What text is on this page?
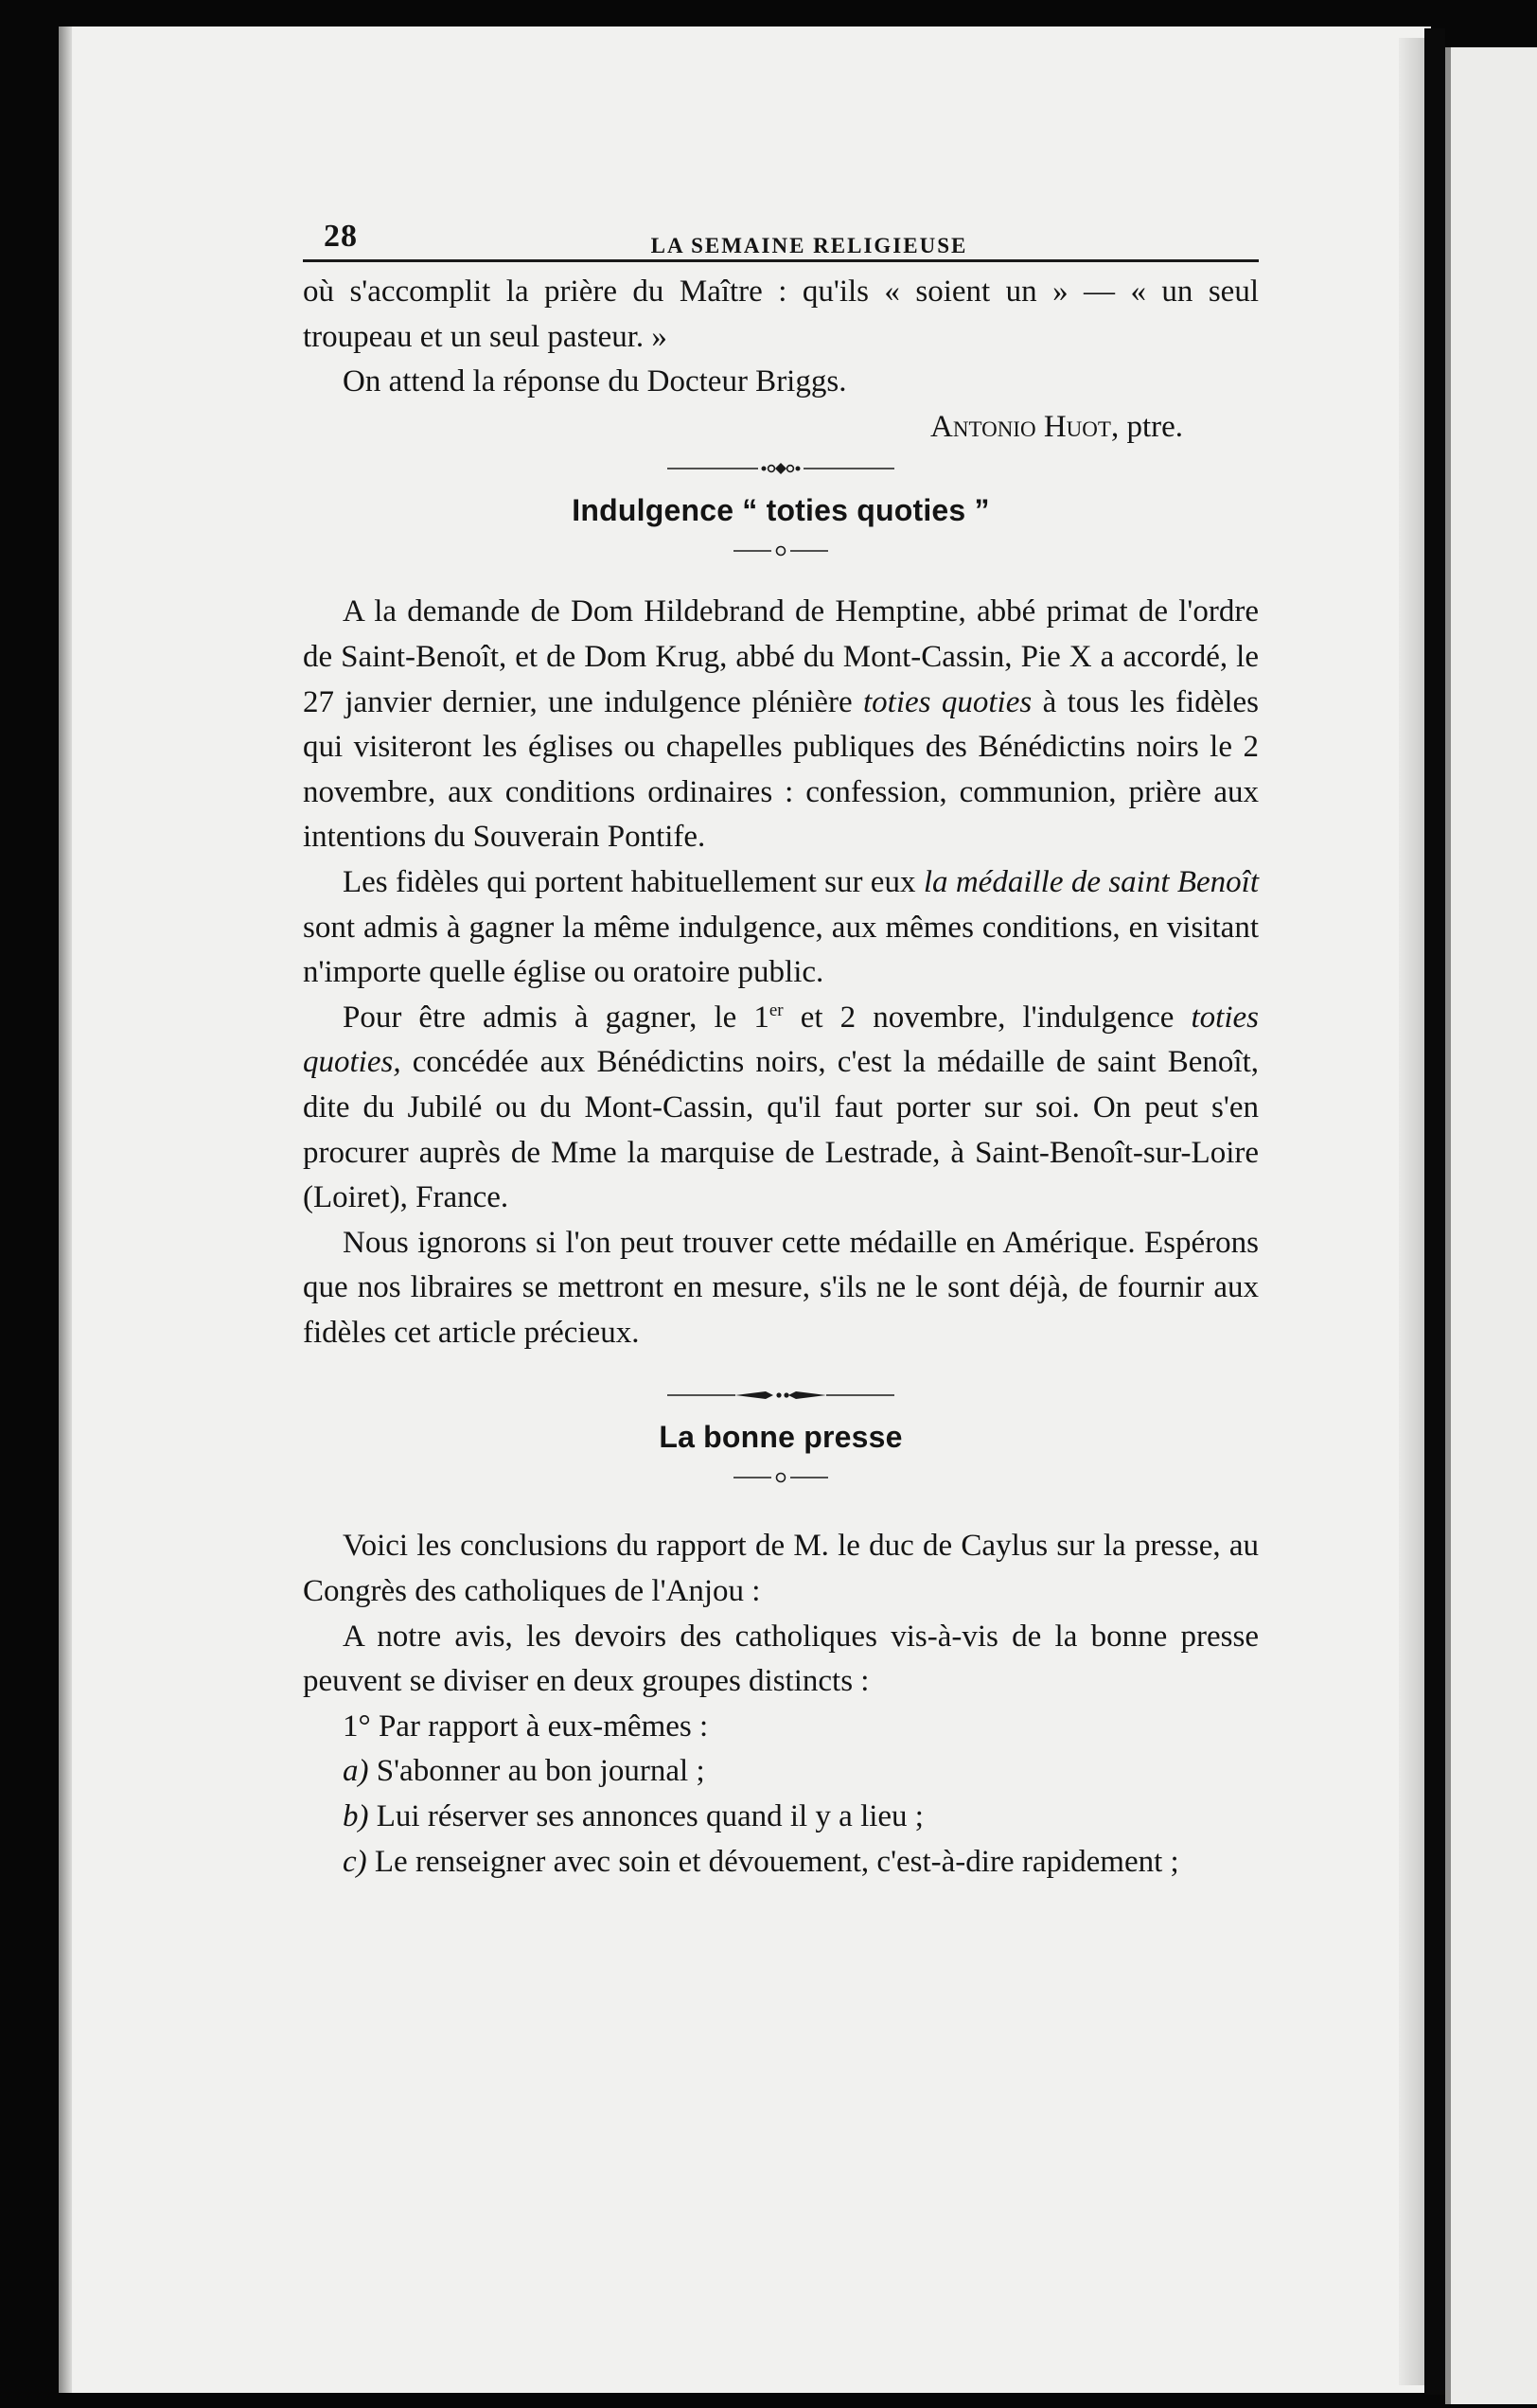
28	LA SEMAINE RELIGIEUSE

où s'accomplit la prière du Maître : qu'ils « soient un » — « un seul troupeau et un seul pasteur. »

On attend la réponse du Docteur Briggs.

Antonio Huot, ptre.

Indulgence “ toties quoties ”

A la demande de Dom Hildebrand de Hemptine, abbé primat de l'ordre de Saint-Benoît, et de Dom Krug, abbé du Mont-Cassin, Pie X a accordé, le 27 janvier dernier, une indulgence plénière toties quoties à tous les fidèles qui visiteront les églises ou chapelles publiques des Bénédictins noirs le 2 novembre, aux conditions ordinaires : confession, communion, prière aux intentions du Souverain Pontife.

Les fidèles qui portent habituellement sur eux la médaille de saint Benoît sont admis à gagner la même indulgence, aux mêmes conditions, en visitant n'importe quelle église ou oratoire public.

Pour être admis à gagner, le 1er et 2 novembre, l'indulgence toties quoties, concédée aux Bénédictins noirs, c'est la médaille de saint Benoît, dite du Jubilé ou du Mont-Cassin, qu'il faut porter sur soi. On peut s'en procurer auprès de Mme la marquise de Lestrade, à Saint-Benoît-sur-Loire (Loiret), France.

Nous ignorons si l'on peut trouver cette médaille en Amérique. Espérons que nos libraires se mettront en mesure, s'ils ne le sont déjà, de fournir aux fidèles cet article précieux.

La bonne presse

Voici les conclusions du rapport de M. le duc de Caylus sur la presse, au Congrès des catholiques de l'Anjou :

A notre avis, les devoirs des catholiques vis-à-vis de la bonne presse peuvent se diviser en deux groupes distincts :

1° Par rapport à eux-mêmes :

a) S'abonner au bon journal ;

b) Lui réserver ses annonces quand il y a lieu ;

c) Le renseigner avec soin et dévouement, c'est-à-dire rapidement ;
